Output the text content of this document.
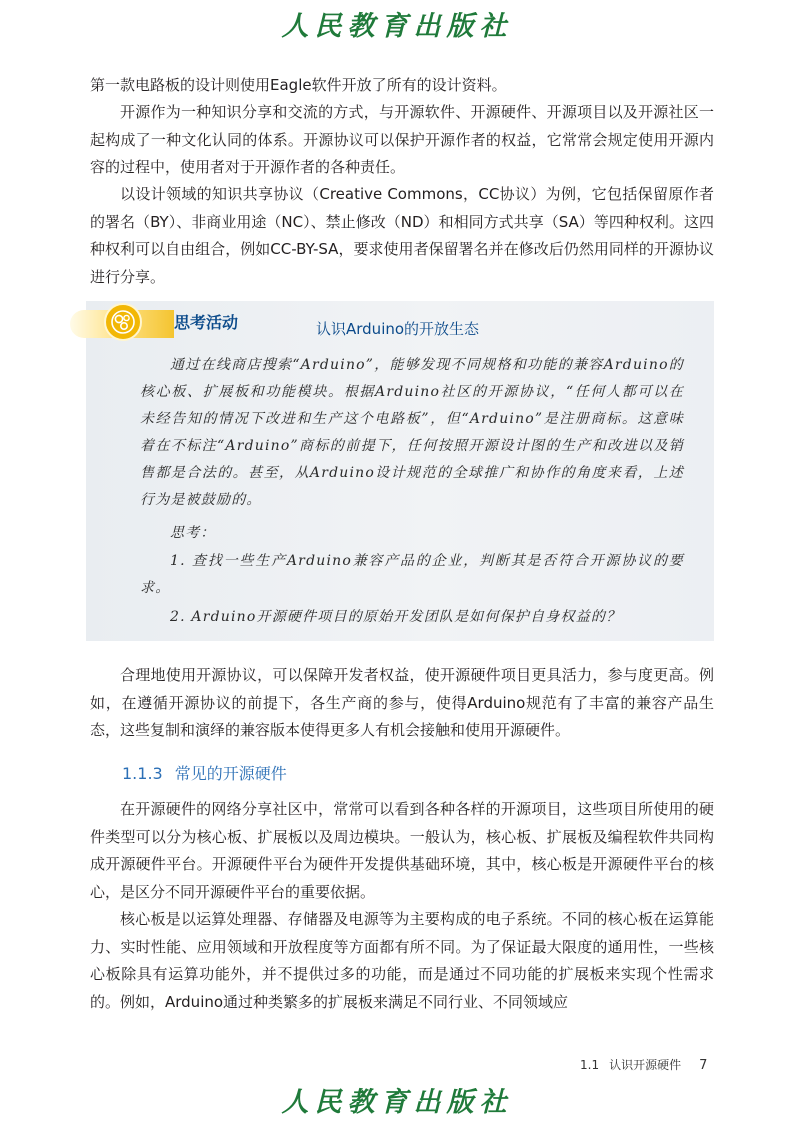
人民教育出版社

第一款电路板的设计则使用Eagle软件开放了所有的设计资料。

开源作为一种知识分享和交流的方式，与开源软件、开源硬件、开源项目以及开源社区一起构成了一种文化认同的体系。开源协议可以保护开源作者的权益，它常常会规定使用开源内容的过程中，使用者对于开源作者的各种责任。

以设计领域的知识共享协议（Creative Commons，CC协议）为例，它包括保留原作者的署名（BY）、非商业用途（NC）、禁止修改（ND）和相同方式共享（SA）等四种权利。这四种权利可以自由组合，例如CC-BY-SA，要求使用者保留署名并在修改后仍然用同样的开源协议进行分享。

思考活动	认识Arduino的开放生态

通过在线商店搜索“Arduino”，能够发现不同规格和功能的兼容Arduino的核心板、扩展板和功能模块。根据Arduino社区的开源协议，“任何人都可以在未经告知的情况下改进和生产这个电路板”，但“Arduino”是注册商标。这意味着在不标注“Arduino”商标的前提下，任何按照开源设计图的生产和改进以及销售都是合法的。甚至，从Arduino设计规范的全球推广和协作的角度来看，上述行为是被鼓励的。

思考：

1. 查找一些生产Arduino兼容产品的企业，判断其是否符合开源协议的要求。

2. Arduino开源硬件项目的原始开发团队是如何保护自身权益的？

合理地使用开源协议，可以保障开发者权益，使开源硬件项目更具活力，参与度更高。例如，在遵循开源协议的前提下，各生产商的参与，使得Arduino规范有了丰富的兼容产品生态，这些复制和演绎的兼容版本使得更多人有机会接触和使用开源硬件。

1.1.3 常见的开源硬件

在开源硬件的网络分享社区中，常常可以看到各种各样的开源项目，这些项目所使用的硬件类型可以分为核心板、扩展板以及周边模块。一般认为，核心板、扩展板及编程软件共同构成开源硬件平台。开源硬件平台为硬件开发提供基础环境，其中，核心板是开源硬件平台的核心，是区分不同开源硬件平台的重要依据。

核心板是以运算处理器、存储器及电源等为主要构成的电子系统。不同的核心板在运算能力、实时性能、应用领域和开放程度等方面都有所不同。为了保证最大限度的通用性，一些核心板除具有运算功能外，并不提供过多的功能，而是通过不同功能的扩展板来实现个性需求的。例如，Arduino通过种类繁多的扩展板来满足不同行业、不同领域应

1.1 认识开源硬件 7
人民教育出版社
